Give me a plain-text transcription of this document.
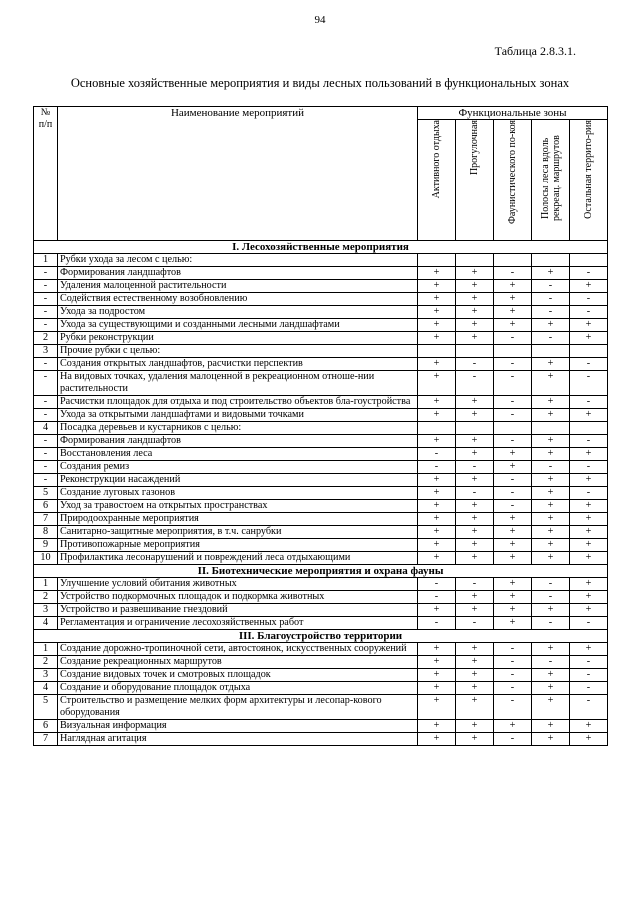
94
Таблица 2.8.3.1.
Основные хозяйственные мероприятия и виды лесных пользований в функциональных зонах
№
п/п	Наименование мероприятий	Функциональные зоны				
		Активного отдыха	Прогулочная	Фаунистического по-коя	Полосы леса вдоль рекреац. маршрутов	Остальная террито-рия
I. Лесохозяйственные мероприятия						
1	Рубки ухода за лесом с целью:					
-	Формирования ландшафтов	+	+	-	+	-
-	Удаления малоценной растительности	+	+	+	-	+
-	Содействия естественному возобновлению	+	+	+	-	-
-	Ухода за подростом	+	+	+	-	-
-	Ухода за существующими и созданными лесными ландшафтами	+	+	+	+	+
2	Рубки реконструкции	+	+	-	-	+
3	Прочие рубки с целью:					
-	Создания открытых ландшафтов, расчистки перспектив	+	-	-	+	-
-	На видовых точках, удаления малоценной в рекреационном отноше-нии растительности	+	-	-	+	-
-	Расчистки площадок для отдыха и под строительство объектов бла-гоустройства	+	+	-	+	-
-	Ухода за открытыми ландшафтами и видовыми точками	+	+	-	+	+
4	Посадка деревьев и кустарников с целью:					
-	Формирования ландшафтов	+	+	-	+	-
-	Восстановления леса	-	+	+	+	+
-	Создания ремиз	-	-	+	-	-
-	Реконструкции насаждений	+	+	-	+	+
5	Создание луговых газонов	+	-	-	+	-
6	Уход за травостоем на открытых пространствах	+	+	-	+	+
7	Природоохранные мероприятия	+	+	+	+	+
8	Санитарно-защитные мероприятия, в т.ч. санрубки	+	+	+	+	+
9	Противопожарные мероприятия	+	+	+	+	+
10	Профилактика лесонарушений и повреждений леса отдыхающими	+	+	+	+	+
II. Биотехнические мероприятия и охрана фауны						
1	Улучшение условий обитания животных	-	-	+	-	+
2	Устройство подкормочных площадок и подкормка животных	-	+	+	-	+
3	Устройство и развешивание гнездовий	+	+	+	+	+
4	Регламентация и ограничение лесохозяйственных работ	-	-	+	-	-
III. Благоустройство территории						
1	Создание дорожно-тропиночной сети, автостоянок, искусственных сооружений	+	+	-	+	+
2	Создание рекреационных маршрутов	+	+	-	-	-
3	Создание видовых точек и смотровых площадок	+	+	-	+	-
4	Создание и оборудование площадок отдыха	+	+	-	+	-
5	Строительство и размещение мелких форм архитектуры и лесопар-кового оборудования	+	+	-	+	-
6	Визуальная информация	+	+	+	+	+
7	Наглядная агитация	+	+	-	+	+
